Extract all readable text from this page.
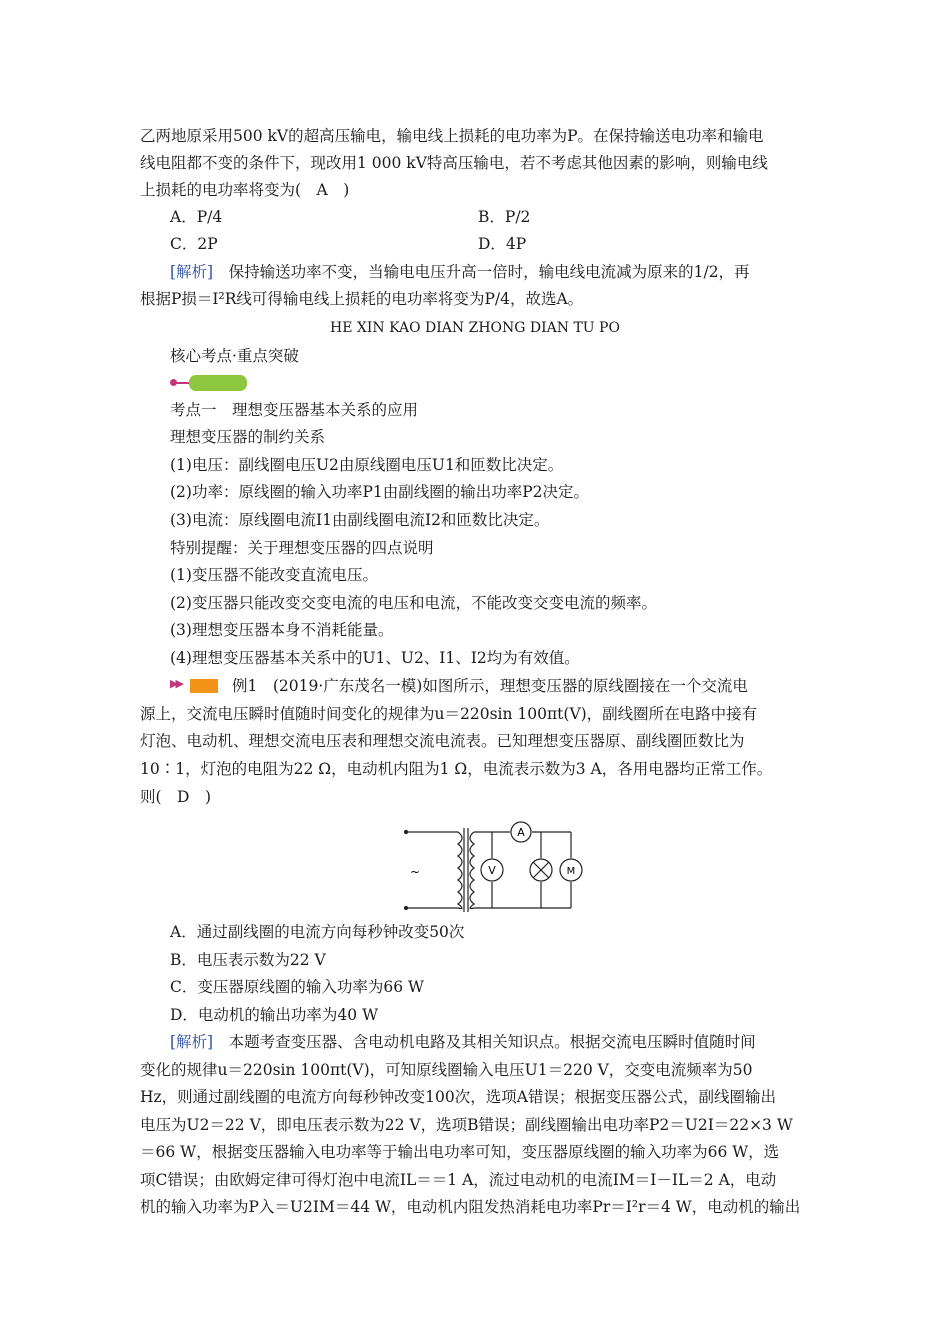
乙两地原采用500 kV的超高压输电，输电线上损耗的电功率为P。在保持输送电功率和输电
线电阻都不变的条件下，现改用1 000 kV特高压输电，若不考虑其他因素的影响，则输电线
上损耗的电功率将变为(　A　)
A．P/4	B．P/2
C．2P	D．4P
[解析]　保持输送功率不变，当输电电压升高一倍时，输电线电流减为原来的1/2，再
根据P损＝I²R线可得输电线上损耗的电功率将变为P/4，故选A。
HE XIN KAO DIAN ZHONG DIAN TU PO
核心考点·重点突破
考点一　理想变压器基本关系的应用
理想变压器的制约关系
(1)电压：副线圈电压U2由原线圈电压U1和匝数比决定。
(2)功率：原线圈的输入功率P1由副线圈的输出功率P2决定。
(3)电流：原线圈电流I1由副线圈电流I2和匝数比决定。
特别提醒：关于理想变压器的四点说明
(1)变压器不能改变直流电压。
(2)变压器只能改变交变电流的电压和电流，不能改变交变电流的频率。
(3)理想变压器本身不消耗能量。
(4)理想变压器基本关系中的U1、U2、I1、I2均为有效值。
▶▶	例1　(2019·广东茂名一模)如图所示，理想变压器的原线圈接在一个交流电
源上，交流电压瞬时值随时间变化的规律为u＝220sin 100πt(V)，副线圈所在电路中接有
灯泡、电动机、理想交流电压表和理想交流电流表。已知理想变压器原、副线圈匝数比为
10∶1，灯泡的电阻为22 Ω，电动机内阻为1 Ω，电流表示数为3 A，各用电器均正常工作。
则(　D　)
A
V	M
~
A．通过副线圈的电流方向每秒钟改变50次
B．电压表示数为22 V
C．变压器原线圈的输入功率为66 W
D．电动机的输出功率为40 W
[解析]　本题考查变压器、含电动机电路及其相关知识点。根据交流电压瞬时值随时间
变化的规律u＝220sin 100πt(V)，可知原线圈输入电压U1＝220 V，交变电流频率为50
Hz，则通过副线圈的电流方向每秒钟改变100次，选项A错误；根据变压器公式，副线圈输出
电压为U2＝22 V，即电压表示数为22 V，选项B错误；副线圈输出电功率P2＝U2I＝22×3 W
＝66 W，根据变压器输入电功率等于输出电功率可知，变压器原线圈的输入功率为66 W，选
项C错误；由欧姆定律可得灯泡中电流IL＝＝1 A，流过电动机的电流IM＝I－IL＝2 A，电动
机的输入功率为P入＝U2IM＝44 W，电动机内阻发热消耗电功率Pr＝I²r＝4 W，电动机的输出
